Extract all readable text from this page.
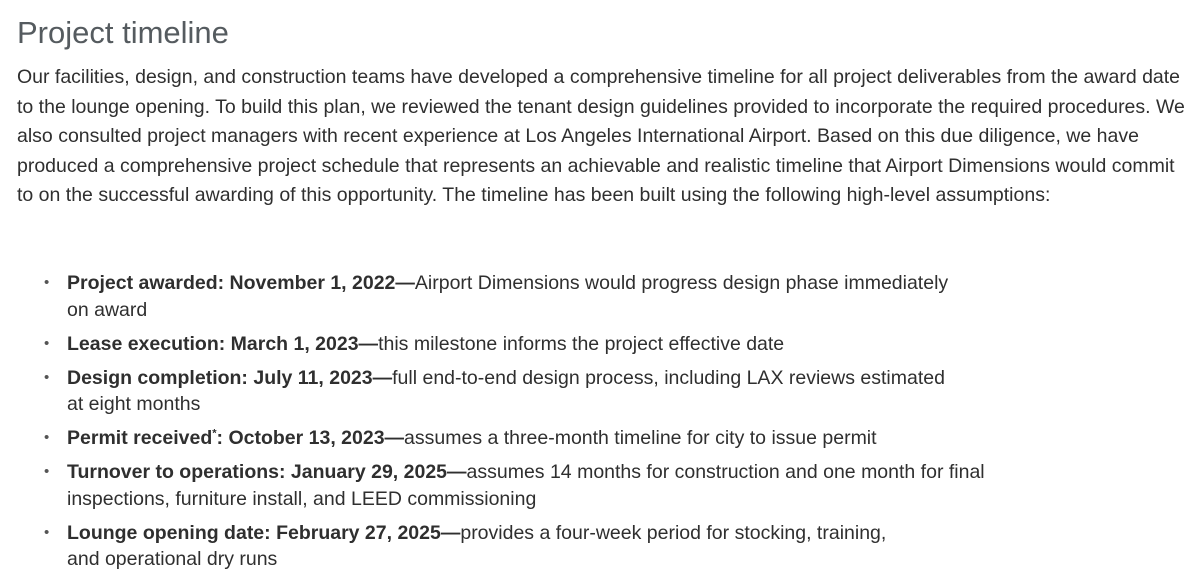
Project timeline

Our facilities, design, and construction teams have developed a comprehensive timeline for all project deliverables from the award date to the lounge opening. To build this plan, we reviewed the tenant design guidelines provided to incorporate the required procedures. We also consulted project managers with recent experience at Los Angeles International Airport. Based on this due diligence, we have produced a comprehensive project schedule that represents an achievable and realistic timeline that Airport Dimensions would commit to on the successful awarding of this opportunity. The timeline has been built using the following high-level assumptions:

• Project awarded: November 1, 2022—Airport Dimensions would progress design phase immediately
on award
• Lease execution: March 1, 2023—this milestone informs the project effective date
• Design completion: July 11, 2023—full end-to-end design process, including LAX reviews estimated
at eight months
• Permit received*: October 13, 2023—assumes a three-month timeline for city to issue permit
• Turnover to operations: January 29, 2025—assumes 14 months for construction and one month for final
inspections, furniture install, and LEED commissioning
• Lounge opening date: February 27, 2025—provides a four-week period for stocking, training,
and operational dry runs
